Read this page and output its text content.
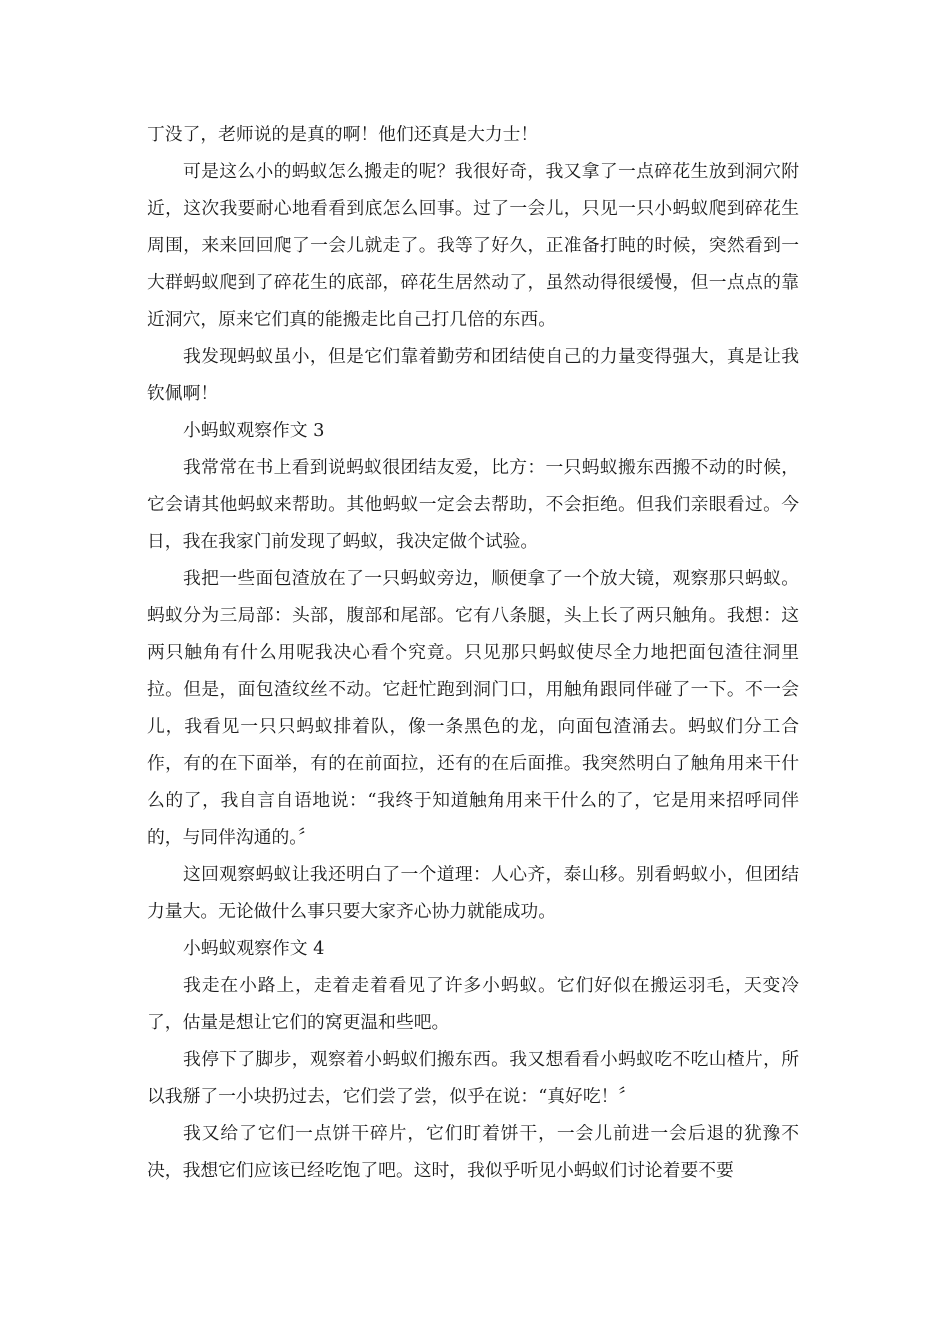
丁没了，老师说的是真的啊！他们还真是大力士！

可是这么小的蚂蚁怎么搬走的呢？我很好奇，我又拿了一点碎花生放到洞穴附近，这次我要耐心地看看到底怎么回事。过了一会儿，只见一只小蚂蚁爬到碎花生周围，来来回回爬了一会儿就走了。我等了好久，正准备打盹的时候，突然看到一大群蚂蚁爬到了碎花生的底部，碎花生居然动了，虽然动得很缓慢，但一点点的靠近洞穴，原来它们真的能搬走比自己打几倍的东西。

我发现蚂蚁虽小，但是它们靠着勤劳和团结使自己的力量变得强大，真是让我钦佩啊！

小蚂蚁观察作文 3

我常常在书上看到说蚂蚁很团结友爱，比方：一只蚂蚁搬东西搬不动的时候，它会请其他蚂蚁来帮助。其他蚂蚁一定会去帮助，不会拒绝。但我们亲眼看过。今日，我在我家门前发现了蚂蚁，我决定做个试验。

我把一些面包渣放在了一只蚂蚁旁边，顺便拿了一个放大镜，观察那只蚂蚁。蚂蚁分为三局部：头部，腹部和尾部。它有八条腿，头上长了两只触角。我想：这两只触角有什么用呢我决心看个究竟。只见那只蚂蚁使尽全力地把面包渣往洞里拉。但是，面包渣纹丝不动。它赶忙跑到洞门口，用触角跟同伴碰了一下。不一会儿，我看见一只只蚂蚁排着队，像一条黑色的龙，向面包渣涌去。蚂蚁们分工合作，有的在下面举，有的在前面拉，还有的在后面推。我突然明白了触角用来干什么的了，我自言自语地说：“我终于知道触角用来干什么的了，它是用来招呼同伴的，与同伴沟通的。〞

这回观察蚂蚁让我还明白了一个道理：人心齐，泰山移。别看蚂蚁小，但团结力量大。无论做什么事只要大家齐心协力就能成功。

小蚂蚁观察作文 4

我走在小路上，走着走着看见了许多小蚂蚁。它们好似在搬运羽毛，天变冷了，估量是想让它们的窝更温和些吧。

我停下了脚步，观察着小蚂蚁们搬东西。我又想看看小蚂蚁吃不吃山楂片，所以我掰了一小块扔过去，它们尝了尝，似乎在说：“真好吃！〞

我又给了它们一点饼干碎片，它们盯着饼干，一会儿前进一会后退的犹豫不决，我想它们应该已经吃饱了吧。这时，我似乎听见小蚂蚁们讨论着要不要
